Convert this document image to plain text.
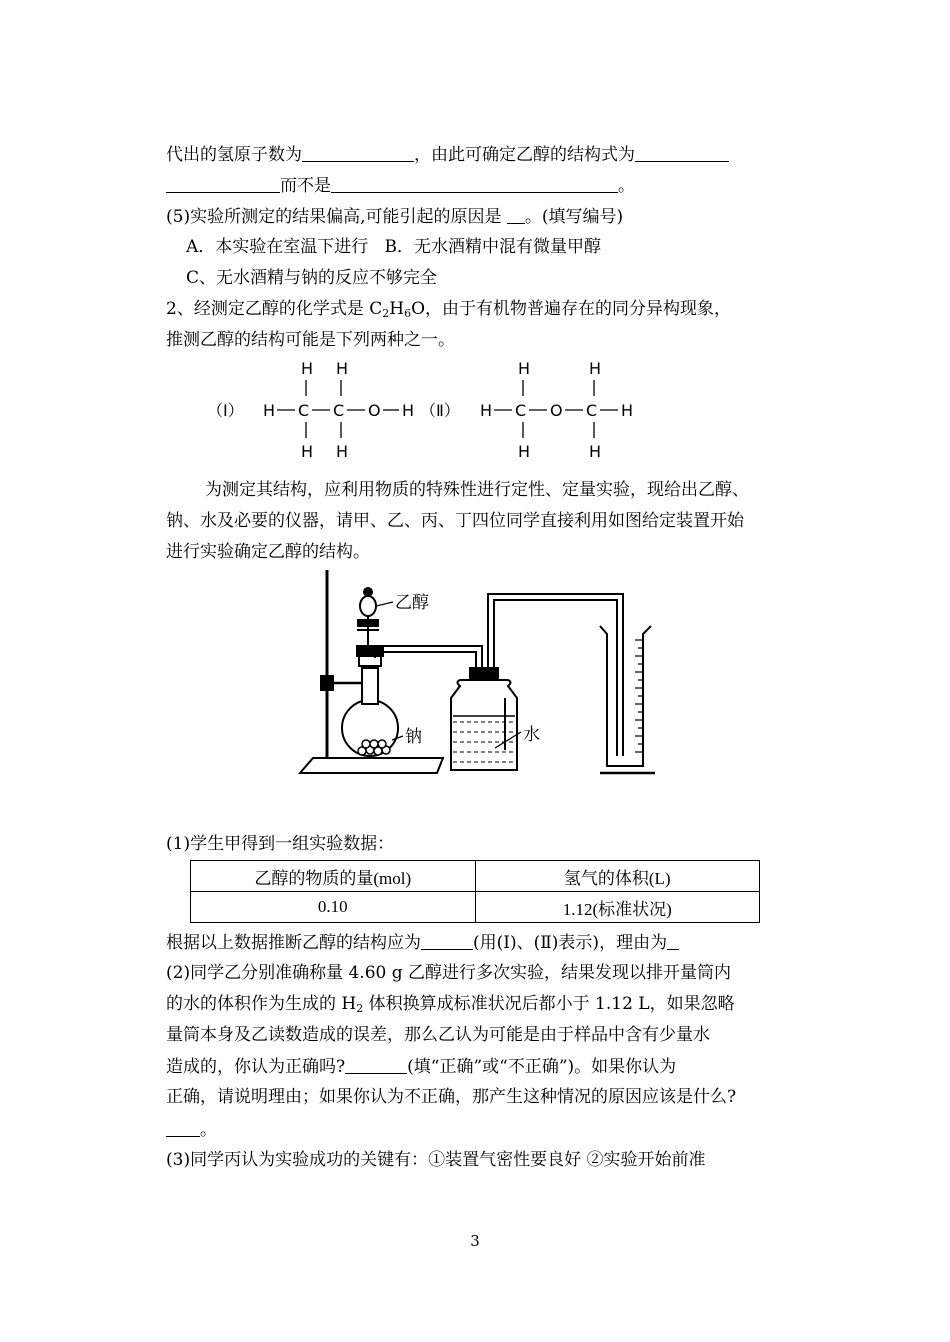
代出的氢原子数为	，由此可确定乙醇的结构式为
而不是	。
(5)实验所测定的结果偏高,可能引起的原因是 。(填写编号)
A．本实验在室温下进行 B．无水酒精中混有微量甲醇
C、无水酒精与钠的反应不够完全
2、经测定乙醇的化学式是 $C_2H_6O$，由于有机物普遍存在的同分异构现象，
推测乙醇的结构可能是下列两种之一。
（Ⅰ） H C C O H
H H
H H
（Ⅱ） H C O C H
H	H
H	H
为测定其结构，应利用物质的特殊性进行定性、定量实验，现给出乙醇、
钠、水及必要的仪器，请甲、乙、丙、丁四位同学直接利用如图给定装置开始
进行实验确定乙醇的结构。
乙醇
钠	水
(1)学生甲得到一组实验数据：
乙醇的物质的量(mol)	氢气的体积(L)
0.10	1.12(标准状况)
根据以上数据推断乙醇的结构应为	(用(I)、(Ⅱ)表示)，理由为
(2)同学乙分别准确称量 4.60 g 乙醇进行多次实验，结果发现以排开量筒内
的水的体积作为生成的 $H_2$ 体积换算成标准状况后都小于 1.12 L，如果忽略
量筒本身及乙读数造成的误差，那么乙认为可能是由于样品中含有少量水
造成的，你认为正确吗?	(填“正确”或“不正确”)。如果你认为
正确，请说明理由；如果你认为不正确，那产生这种情况的原因应该是什么?
。
(3)同学丙认为实验成功的关键有：①装置气密性要良好 ②实验开始前准
3
